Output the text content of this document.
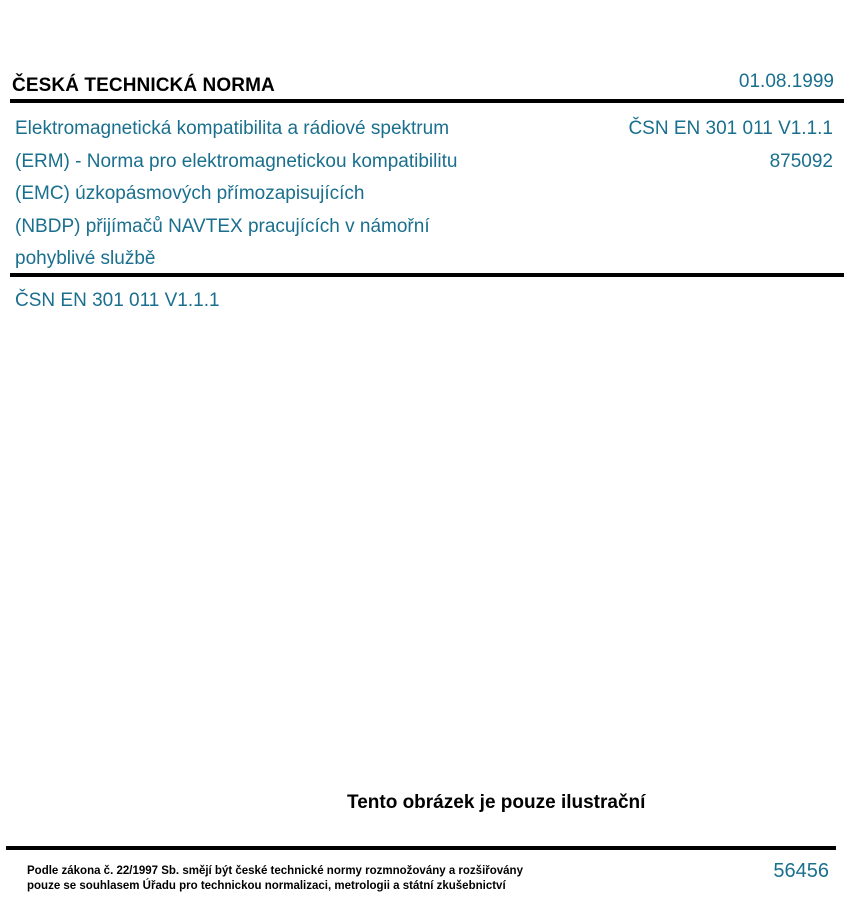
ČESKÁ TECHNICKÁ NORMA	01.08.1999
Elektromagnetická kompatibilita a rádiové spektrum
(ERM) - Norma pro elektromagnetickou kompatibilitu
(EMC) úzkopásmových přímozapisujících
(NBDP) přijímačů NAVTEX pracujících v námořní
pohyblivé službě
ČSN EN 301 011 V1.1.1
875092
ČSN EN 301 011 V1.1.1
Tento obrázek je pouze ilustrační
Podle zákona č. 22/1997 Sb. smějí být české technické normy rozmnožovány a rozšiřovány
pouze se souhlasem Úřadu pro technickou normalizaci, metrologii a státní zkušebnictví
56456
